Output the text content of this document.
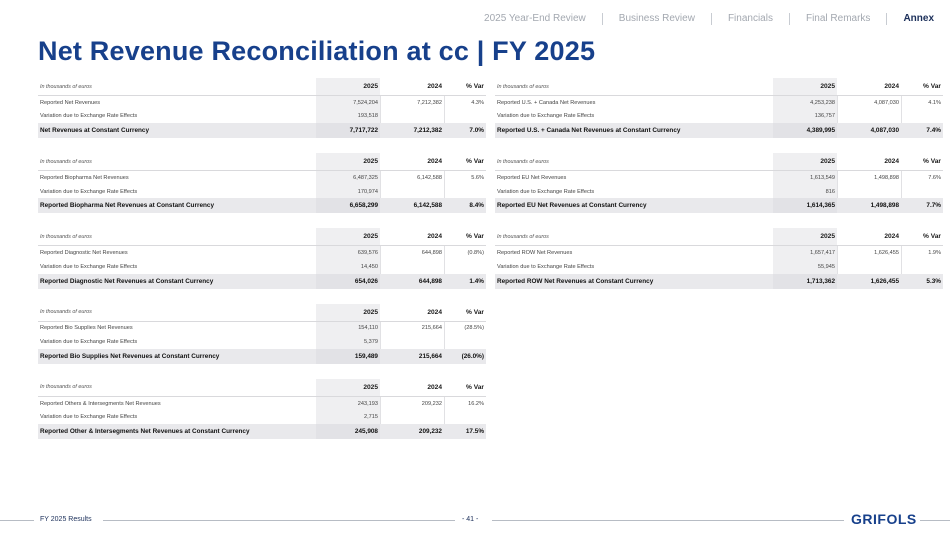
2025 Year-End Review	Business Review	Financials	Final Remarks	Annex
Net Revenue Reconciliation at cc | FY 2025
In thousands of euros	2025	2024	% Var
Reported Net Revenues	7,524,204	7,212,382	4.3%
Variation due to Exchange Rate Effects	193,518
Net Revenues at Constant Currency	7,717,722	7,212,382	7.0%
In thousands of euros	2025	2024	% Var
Reported Biopharma Net Revenues	6,487,325	6,142,588	5.6%
Variation due to Exchange Rate Effects	170,974
Reported Biopharma Net Revenues at Constant Currency	6,658,299	6,142,588	8.4%
In thousands of euros	2025	2024	% Var
Reported Diagnostic Net Revenues	639,576	644,898	(0.8%)
Variation due to Exchange Rate Effects	14,450
Reported Diagnostic Net Revenues at Constant Currency	654,026	644,898	1.4%
In thousands of euros	2025	2024	% Var
Reported Bio Supplies Net Revenues	154,110	215,664	(28.5%)
Variation due to Exchange Rate Effects	5,379
Reported Bio Supplies Net Revenues at Constant Currency	159,489	215,664	(26.0%)
In thousands of euros	2025	2024	% Var
Reported Others & Intersegments Net Revenues	243,193	209,232	16.2%
Variation due to Exchange Rate Effects	2,715
Reported Other & Intersegments Net Revenues at Constant Currency	245,908	209,232	17.5%
In thousands of euros	2025	2024	% Var
Reported U.S. + Canada Net Revenues	4,253,238	4,087,030	4.1%
Variation due to Exchange Rate Effects	136,757
Reported U.S. + Canada Net Revenues at Constant Currency	4,389,995	4,087,030	7.4%
In thousands of euros	2025	2024	% Var
Reported EU Net Revenues	1,613,549	1,498,898	7.6%
Variation due to Exchange Rate Effects	816
Reported EU Net Revenues at Constant Currency	1,614,365	1,498,898	7.7%
In thousands of euros	2025	2024	% Var
Reported ROW Net Revenues	1,657,417	1,626,455	1.9%
Variation due to Exchange Rate Effects	55,945
Reported ROW Net Revenues at Constant Currency	1,713,362	1,626,455	5.3%
FY 2025 Results	- 41 -	GRIFOLS
